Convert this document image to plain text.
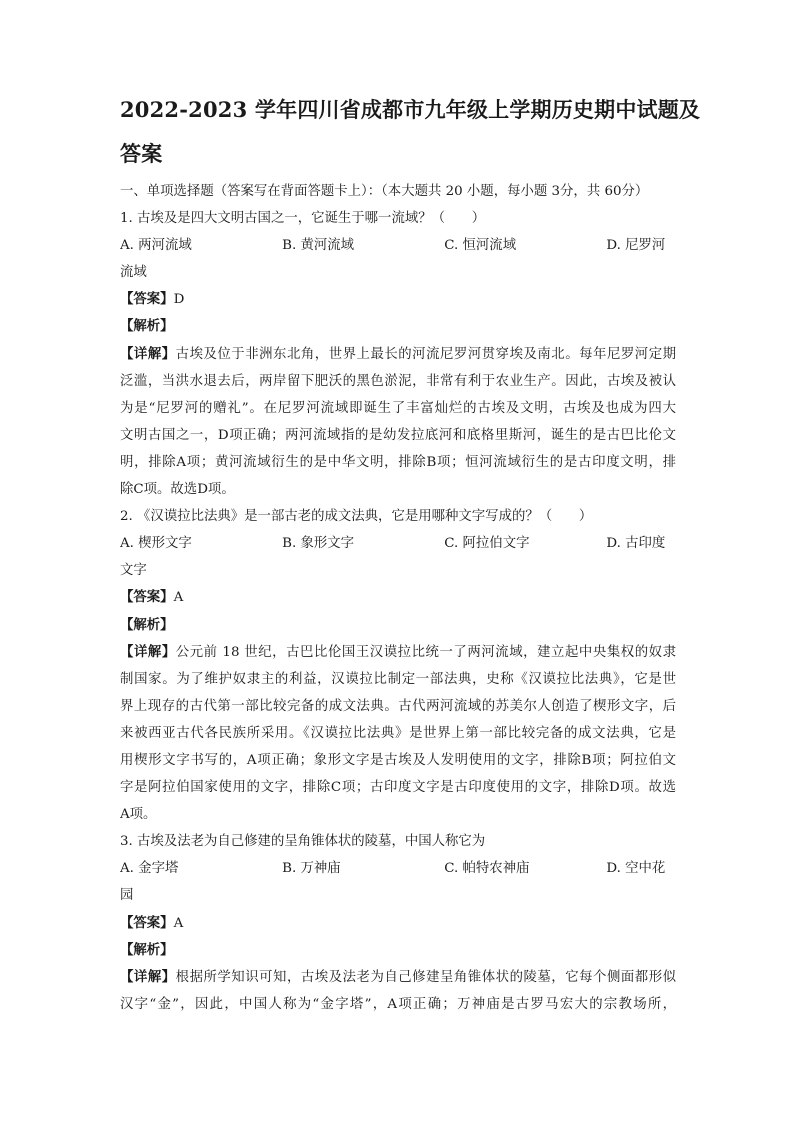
2022-2023 学年四川省成都市九年级上学期历史期中试题及
答案
一、单项选择题（答案写在背面答题卡上）：（本大题共 20 小题，每小题 3分，共 60分）
1. 古埃及是四大文明古国之一，它诞生于哪一流域？（　　）
A. 两河流域	B. 黄河流域	C. 恒河流域	D. 尼罗河
流域
【答案】D
【解析】
【详解】古埃及位于非洲东北角，世界上最长的河流尼罗河贯穿埃及南北。每年尼罗河定期
泛滥，当洪水退去后，两岸留下肥沃的黑色淤泥，非常有利于农业生产。因此，古埃及被认
为是“尼罗河的赠礼”。在尼罗河流域即诞生了丰富灿烂的古埃及文明，古埃及也成为四大
文明古国之一，D项正确；两河流域指的是幼发拉底河和底格里斯河，诞生的是古巴比伦文
明，排除A项；黄河流域衍生的是中华文明，排除B项；恒河流域衍生的是古印度文明，排
除C项。故选D项。
2. 《汉谟拉比法典》是一部古老的成文法典，它是用哪种文字写成的？（　　）
A. 楔形文字	B. 象形文字	C. 阿拉伯文字	D. 古印度
文字
【答案】A
【解析】
【详解】公元前 18 世纪，古巴比伦国王汉谟拉比统一了两河流域，建立起中央集权的奴隶
制国家。为了维护奴隶主的利益，汉谟拉比制定一部法典，史称《汉谟拉比法典》，它是世
界上现存的古代第一部比较完备的成文法典。古代两河流域的苏美尔人创造了楔形文字，后
来被西亚古代各民族所采用。《汉谟拉比法典》是世界上第一部比较完备的成文法典，它是
用楔形文字书写的，A项正确；象形文字是古埃及人发明使用的文字，排除B项；阿拉伯文
字是阿拉伯国家使用的文字，排除C项；古印度文字是古印度使用的文字，排除D项。故选
A项。
3. 古埃及法老为自己修建的呈角锥体状的陵墓，中国人称它为
A. 金字塔	B. 万神庙	C. 帕特农神庙	D. 空中花
园
【答案】A
【解析】
【详解】根据所学知识可知，古埃及法老为自己修建呈角锥体状的陵墓，它每个侧面都形似
汉字“金”，因此，中国人称为“金字塔”，A项正确；万神庙是古罗马宏大的宗教场所，
